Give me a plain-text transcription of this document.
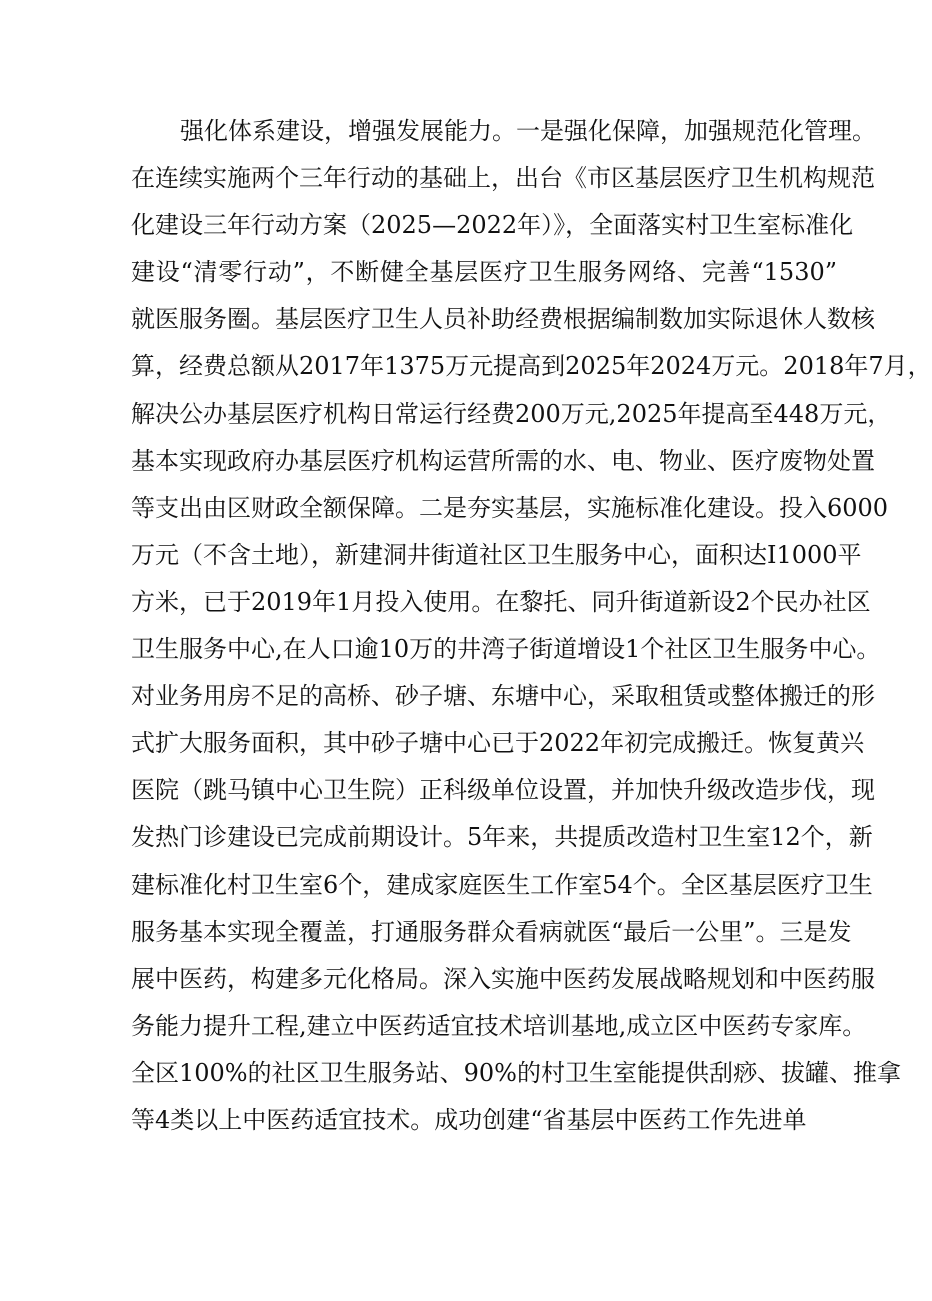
强化体系建设，增强发展能力。一是强化保障，加强规范化管理。
在连续实施两个三年行动的基础上，出台《市区基层医疗卫生机构规范
化建设三年行动方案（2025—2022年）》，全面落实村卫生室标准化
建设“清零行动”，不断健全基层医疗卫生服务网络、完善“1530”
就医服务圈。基层医疗卫生人员补助经费根据编制数加实际退休人数核
算，经费总额从2017年1375万元提高到2025年2024万元。2018年7月，
解决公办基层医疗机构日常运行经费200万元,2025年提高至448万元，
基本实现政府办基层医疗机构运营所需的水、电、物业、医疗废物处置
等支出由区财政全额保障。二是夯实基层，实施标准化建设。投入6000
万元（不含土地），新建洞井街道社区卫生服务中心，面积达I1000平
方米，已于2019年1月投入使用。在黎托、同升街道新设2个民办社区
卫生服务中心,在人口逾10万的井湾子街道增设1个社区卫生服务中心。
对业务用房不足的高桥、砂子塘、东塘中心，采取租赁或整体搬迁的形
式扩大服务面积，其中砂子塘中心已于2022年初完成搬迁。恢复黄兴
医院（跳马镇中心卫生院）正科级单位设置，并加快升级改造步伐，现
发热门诊建设已完成前期设计。5年来，共提质改造村卫生室12个，新
建标准化村卫生室6个，建成家庭医生工作室54个。全区基层医疗卫生
服务基本实现全覆盖，打通服务群众看病就医“最后一公里”。三是发
展中医药，构建多元化格局。深入实施中医药发展战略规划和中医药服
务能力提升工程,建立中医药适宜技术培训基地,成立区中医药专家库。
全区100%的社区卫生服务站、90%的村卫生室能提供刮痧、拔罐、推拿
等4类以上中医药适宜技术。成功创建“省基层中医药工作先进单
